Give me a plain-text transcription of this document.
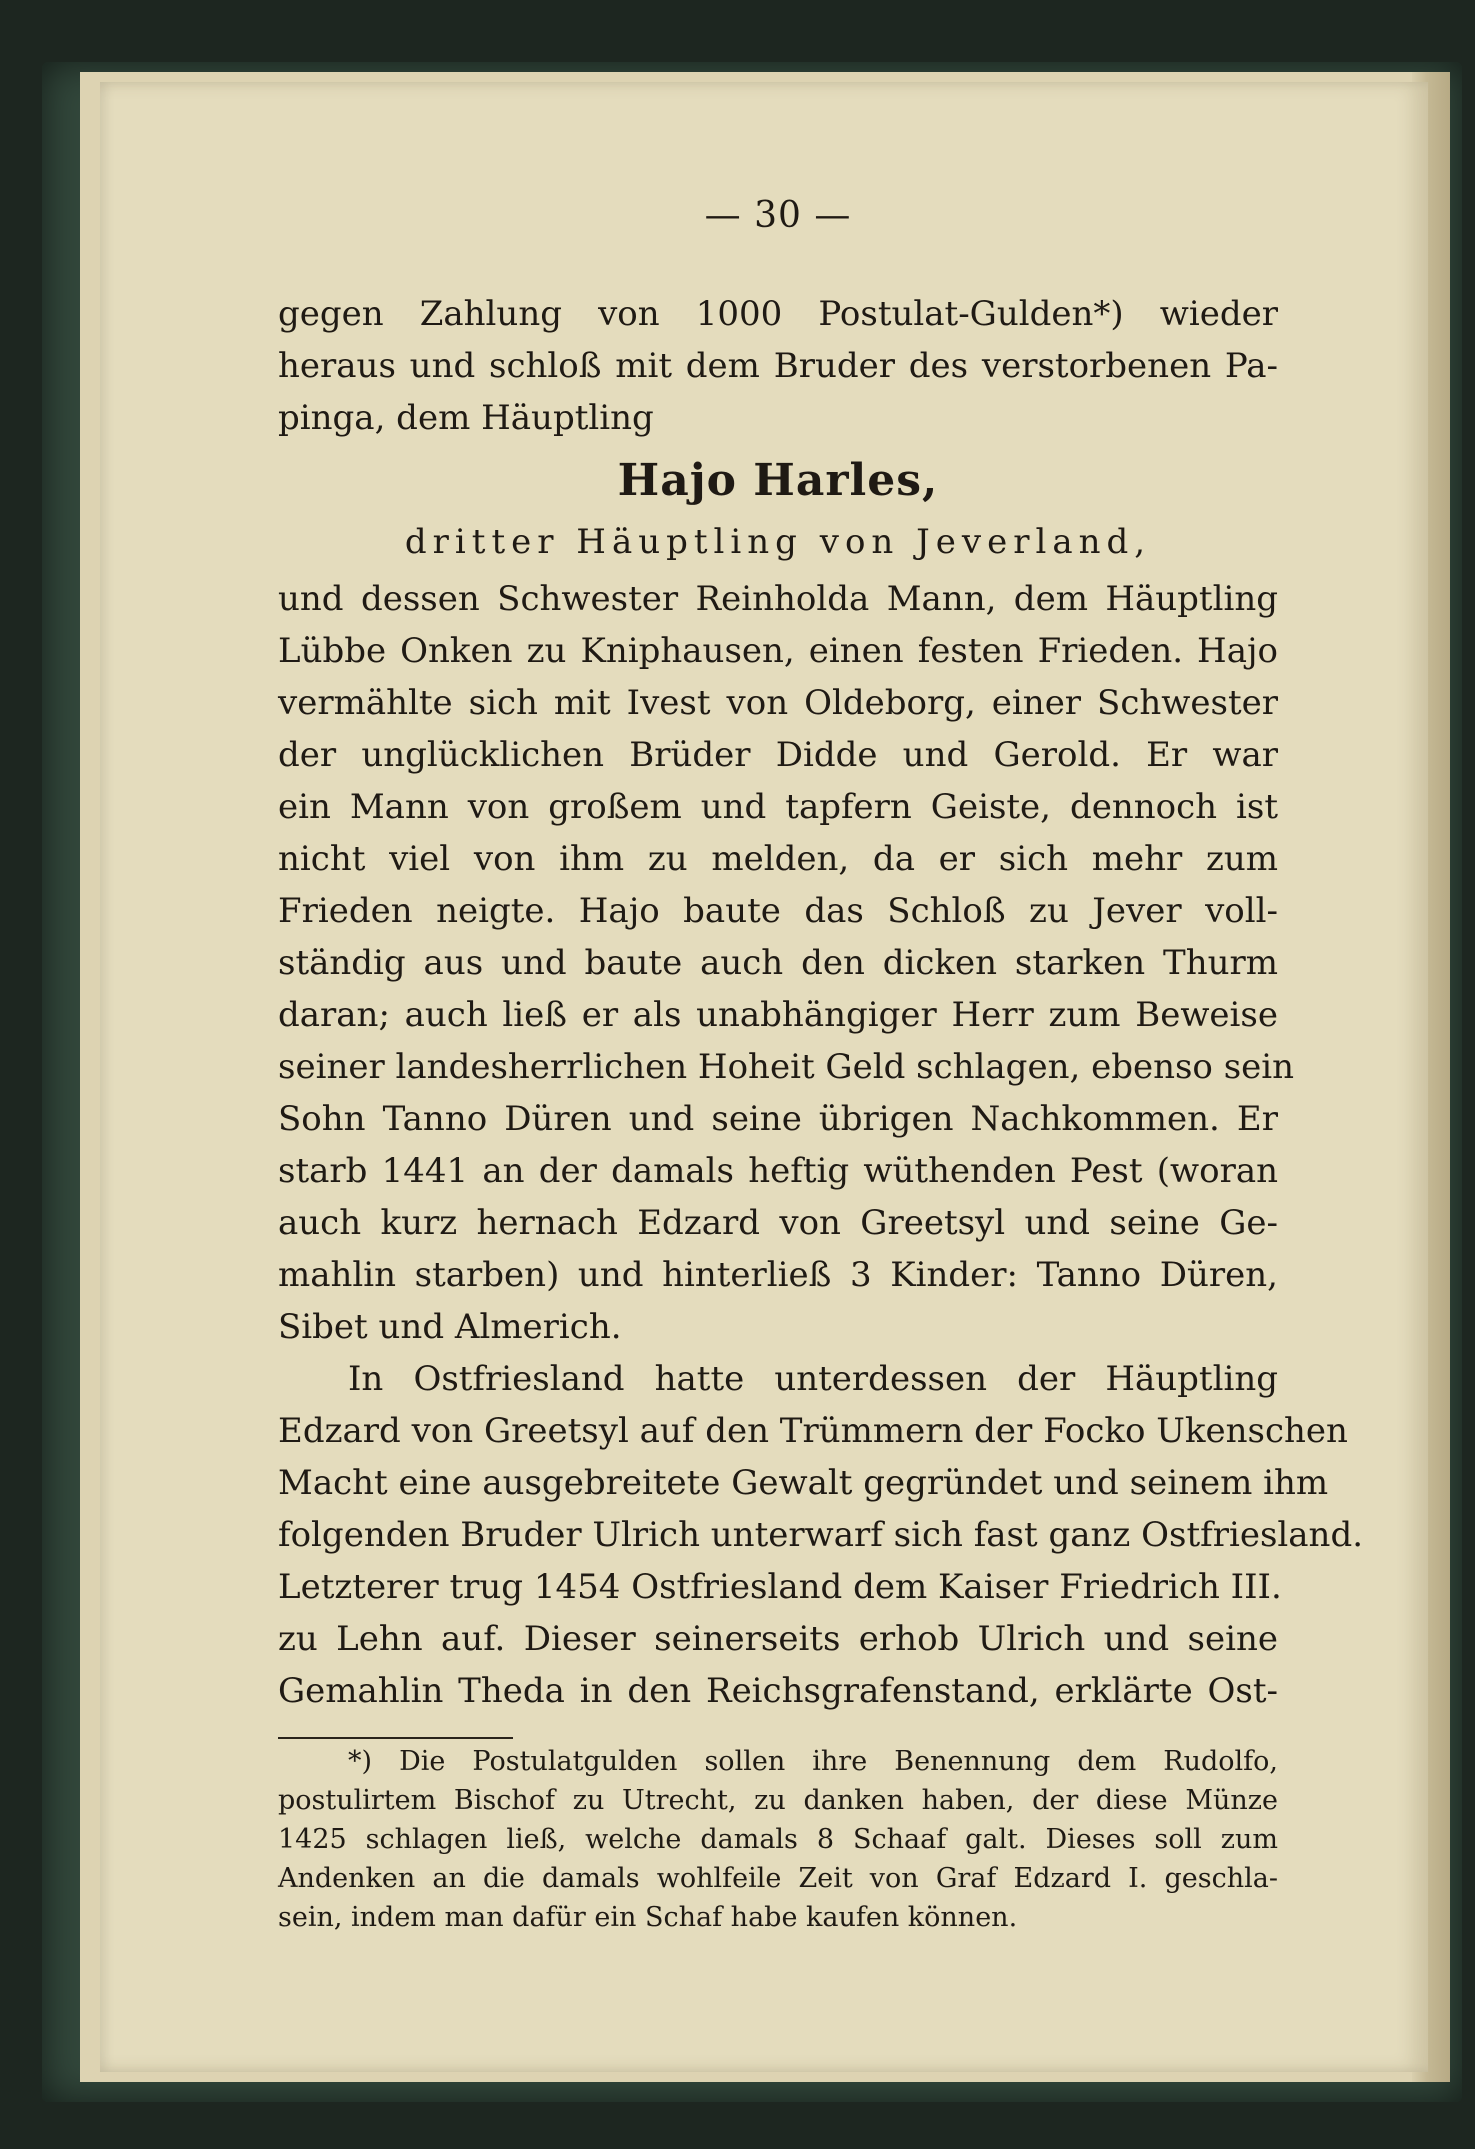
— 30 —
gegen Zahlung von 1000 Postulat-Gulden*) wieder
heraus und schloß mit dem Bruder des verstorbenen Pa-
pinga, dem Häuptling
Hajo Harles,
dritter Häuptling von Jeverland,
und dessen Schwester Reinholda Mann, dem Häuptling
Lübbe Onken zu Kniphausen, einen festen Frieden. Hajo
vermählte sich mit Ivest von Oldeborg, einer Schwester
der unglücklichen Brüder Didde und Gerold. Er war
ein Mann von großem und tapfern Geiste, dennoch ist
nicht viel von ihm zu melden, da er sich mehr zum
Frieden neigte. Hajo baute das Schloß zu Jever voll-
ständig aus und baute auch den dicken starken Thurm
daran; auch ließ er als unabhängiger Herr zum Beweise
seiner landesherrlichen Hoheit Geld schlagen, ebenso sein
Sohn Tanno Düren und seine übrigen Nachkommen. Er
starb 1441 an der damals heftig wüthenden Pest (woran
auch kurz hernach Edzard von Greetsyl und seine Ge-
mahlin starben) und hinterließ 3 Kinder: Tanno Düren,
Sibet und Almerich.
In Ostfriesland hatte unterdessen der Häuptling
Edzard von Greetsyl auf den Trümmern der Focko Ukenschen
Macht eine ausgebreitete Gewalt gegründet und seinem ihm
folgenden Bruder Ulrich unterwarf sich fast ganz Ostfriesland.
Letzterer trug 1454 Ostfriesland dem Kaiser Friedrich III.
zu Lehn auf. Dieser seinerseits erhob Ulrich und seine
Gemahlin Theda in den Reichsgrafenstand, erklärte Ost-
*) Die Postulatgulden sollen ihre Benennung dem Rudolfo,
postulirtem Bischof zu Utrecht, zu danken haben, der diese Münze
1425 schlagen ließ, welche damals 8 Schaaf galt. Dieses soll zum
Andenken an die damals wohlfeile Zeit von Graf Edzard I. geschla-
sein, indem man dafür ein Schaf habe kaufen können.
